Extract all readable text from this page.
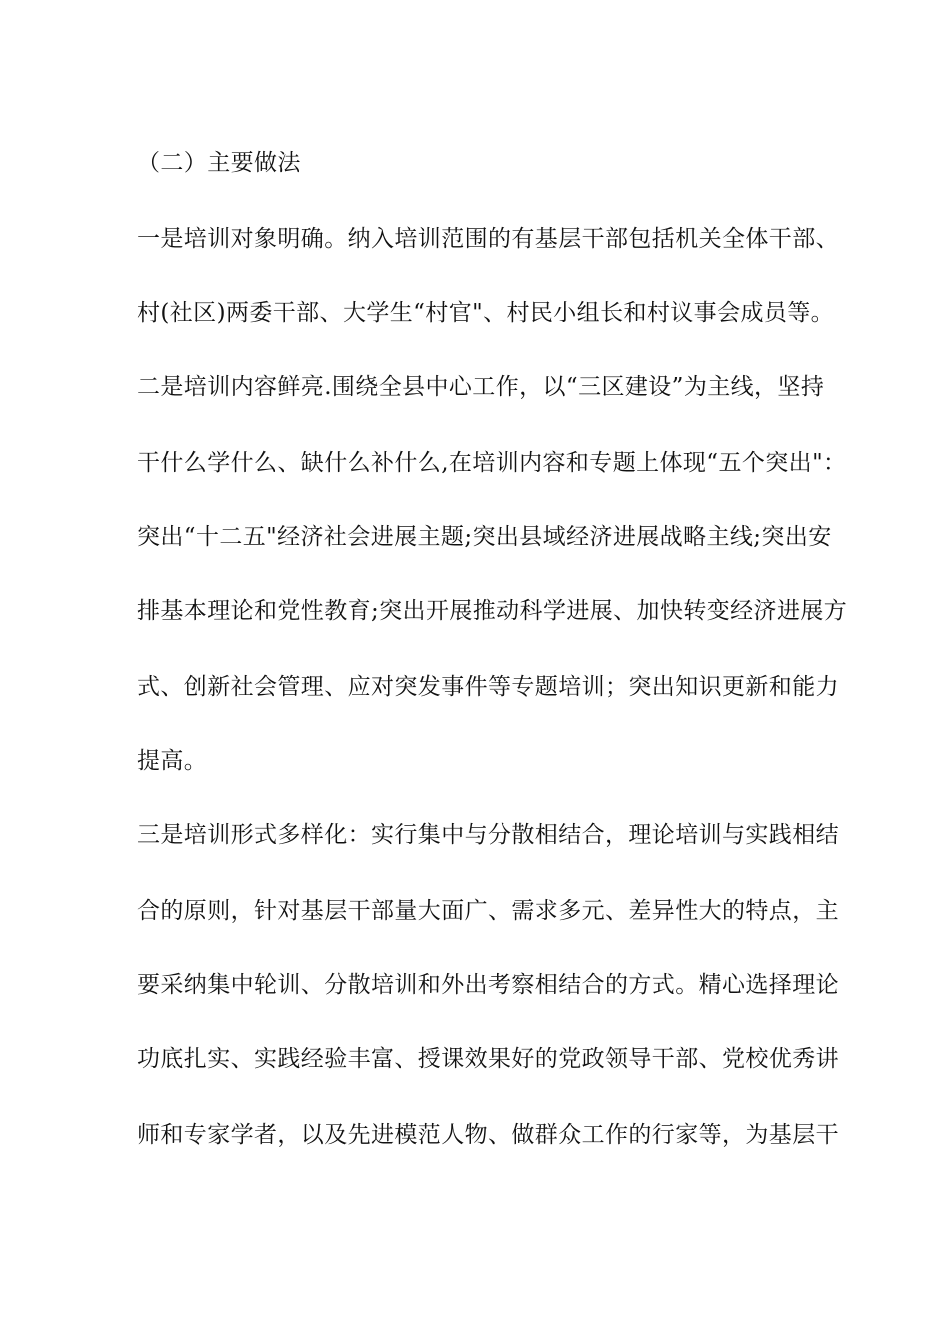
（二）主要做法
一是培训对象明确。纳入培训范围的有基层干部包括机关全体干部、
村(社区)两委干部、大学生“村官"、村民小组长和村议事会成员等。
二是培训内容鲜亮.围绕全县中心工作，以“三区建设”为主线，坚持
干什么学什么、缺什么补什么,在培训内容和专题上体现“五个突出"：
突出“十二五"经济社会进展主题;突出县域经济进展战略主线;突出安
排基本理论和党性教育;突出开展推动科学进展、加快转变经济进展方
式、创新社会管理、应对突发事件等专题培训；突出知识更新和能力
提高。
三是培训形式多样化：实行集中与分散相结合，理论培训与实践相结
合的原则，针对基层干部量大面广、需求多元、差异性大的特点，主
要采纳集中轮训、分散培训和外出考察相结合的方式。精心选择理论
功底扎实、实践经验丰富、授课效果好的党政领导干部、党校优秀讲
师和专家学者，以及先进模范人物、做群众工作的行家等，为基层干
